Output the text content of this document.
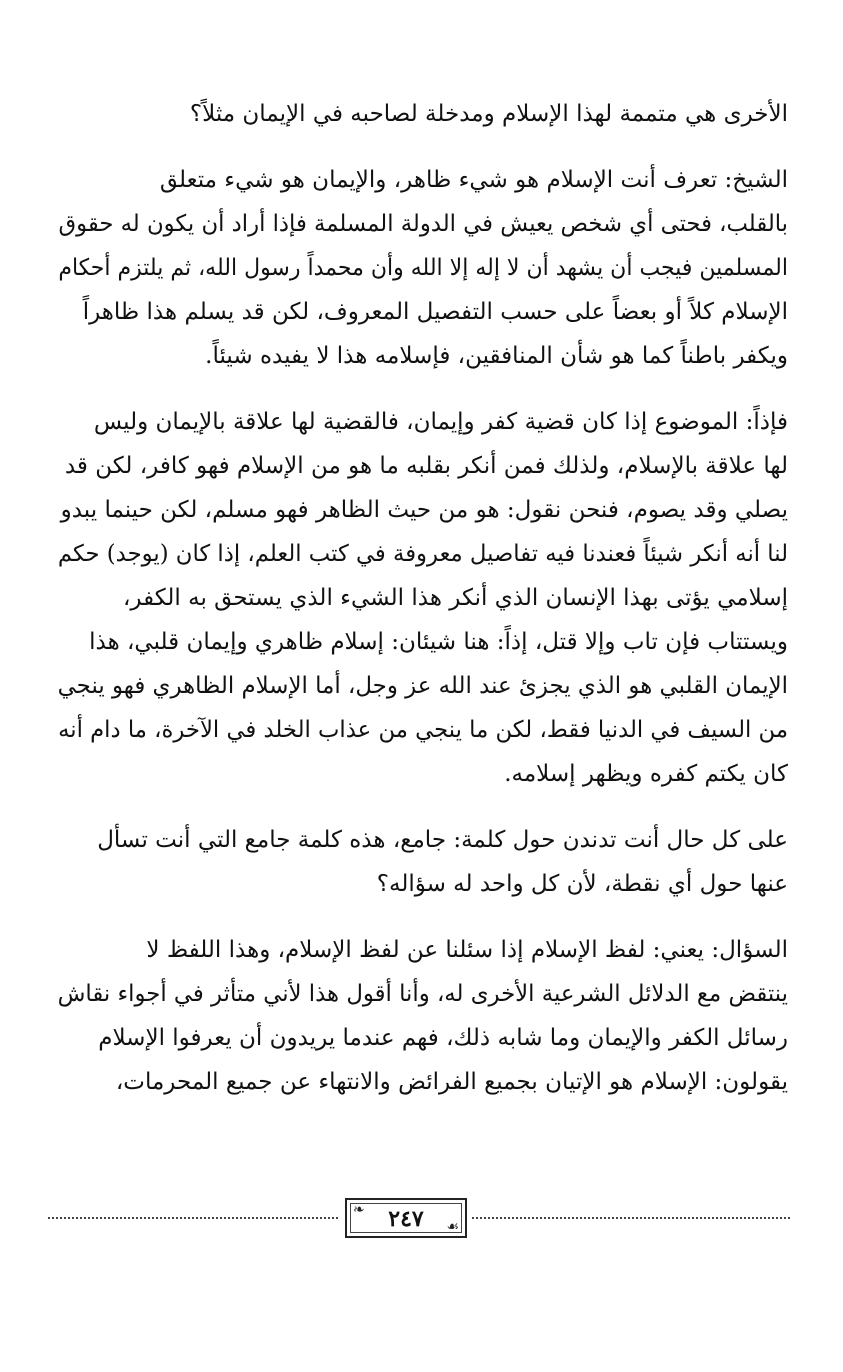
الأخرى هي متممة لهذا الإسلام ومدخلة لصاحبه في الإيمان مثلاً؟
الشيخ: تعرف أنت الإسلام هو شيء ظاهر، والإيمان هو شيء متعلق
بالقلب، فحتى أي شخص يعيش في الدولة المسلمة فإذا أراد أن يكون له حقوق
المسلمين فيجب أن يشهد أن لا إله إلا الله وأن محمداً رسول الله، ثم يلتزم أحكام
الإسلام كلاً أو بعضاً على حسب التفصيل المعروف، لكن قد يسلم هذا ظاهراً
ويكفر باطناً كما هو شأن المنافقين، فإسلامه هذا لا يفيده شيئاً.
فإذاً: الموضوع إذا كان قضية كفر وإيمان، فالقضية لها علاقة بالإيمان وليس
لها علاقة بالإسلام، ولذلك فمن أنكر بقلبه ما هو من الإسلام فهو كافر، لكن قد
يصلي وقد يصوم، فنحن نقول: هو من حيث الظاهر فهو مسلم، لكن حينما يبدو
لنا أنه أنكر شيئاً فعندنا فيه تفاصيل معروفة في كتب العلم، إذا كان (يوجد) حكم
إسلامي يؤتى بهذا الإنسان الذي أنكر هذا الشيء الذي يستحق به الكفر،
ويستتاب فإن تاب وإلا قتل، إذاً: هنا شيئان: إسلام ظاهري وإيمان قلبي، هذا
الإيمان القلبي هو الذي يجزئ عند الله عز وجل، أما الإسلام الظاهري فهو ينجي
من السيف في الدنيا فقط، لكن ما ينجي من عذاب الخلد في الآخرة، ما دام أنه
كان يكتم كفره ويظهر إسلامه.
على كل حال أنت تدندن حول كلمة: جامع، هذه كلمة جامع التي أنت تسأل
عنها حول أي نقطة، لأن كل واحد له سؤاله؟
السؤال: يعني: لفظ الإسلام إذا سئلنا عن لفظ الإسلام، وهذا اللفظ لا
ينتقض مع الدلائل الشرعية الأخرى له، وأنا أقول هذا لأني متأثر في أجواء نقاش
رسائل الكفر والإيمان وما شابه ذلك، فهم عندما يريدون أن يعرفوا الإسلام
يقولون: الإسلام هو الإتيان بجميع الفرائض والانتهاء عن جميع المحرمات،
❧
☙
٢٤٧
